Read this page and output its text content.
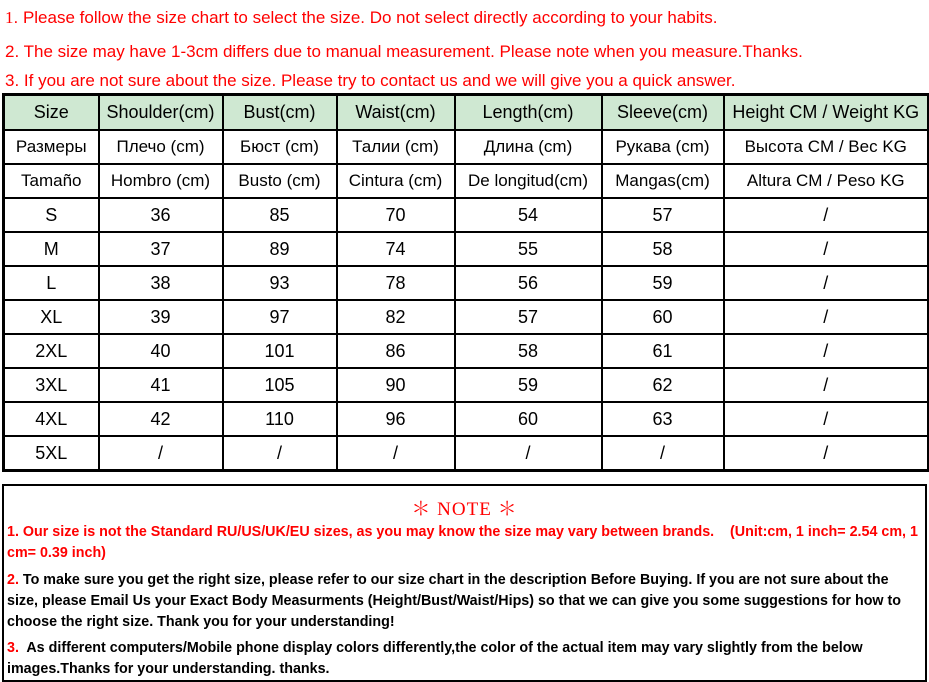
1. Please follow the size chart to select the size. Do not select directly according to your habits.
2. The size may have 1-3cm differs due to manual measurement. Please note when you measure.Thanks.
3. If you are not sure about the size. Please try to contact us and we will give you a quick answer.
Size	Shoulder(cm)	Bust(cm)	Waist(cm)	Length(cm)	Sleeve(cm)	Height CM / Weight KG
Размеры	Плечо (cm)	Бюст (cm)	Талии (cm)	Длина (cm)	Рукава (cm)	Высота CM / Вес KG
Tamaño	Hombro (cm)	Busto (cm)	Cintura (cm)	De longitud(cm)	Mangas(cm)	Altura CM / Peso KG
S	36	85	70	54	57	/
M	37	89	74	55	58	/
L	38	93	78	56	59	/
XL	39	97	82	57	60	/
2XL	40	101	86	58	61	/
3XL	41	105	90	59	62	/
4XL	42	110	96	60	63	/
5XL	/	/	/	/	/	/
＊ NOTE ＊
1. Our size is not the Standard RU/US/UK/EU sizes, as you may know the size may vary between brands. (Unit:cm, 1 inch= 2.54 cm, 1 cm= 0.39 inch)
2. To make sure you get the right size, please refer to our size chart in the description Before Buying. If you are not sure about the size, please Email Us your Exact Body Measurments (Height/Bust/Waist/Hips) so that we can give you some suggestions for how to choose the right size. Thank you for your understanding!
3. As different computers/Mobile phone display colors differently,the color of the actual item may vary slightly from the below images.Thanks for your understanding. thanks.
